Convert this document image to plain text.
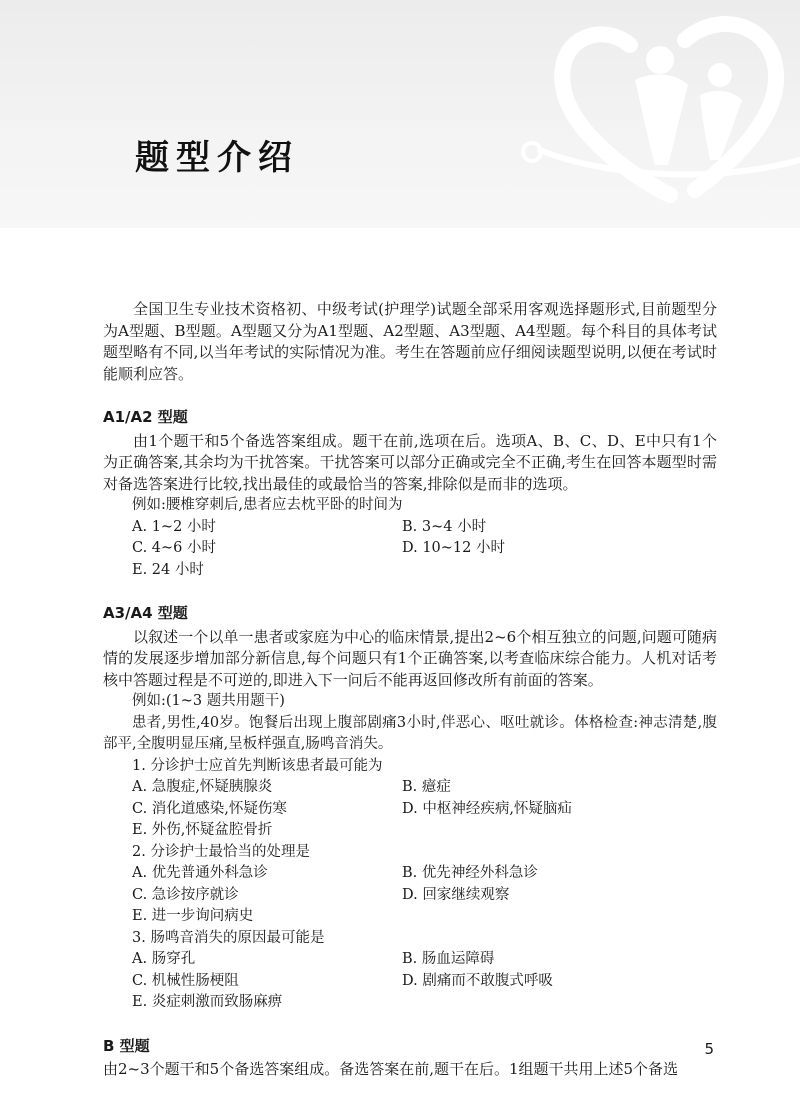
题型介绍

全国卫生专业技术资格初、中级考试(护理学)试题全部采用客观选择题形式,目前题型分为A型题、B型题。A型题又分为A1型题、A2型题、A3型题、A4型题。每个科目的具体考试题型略有不同,以当年考试的实际情况为准。考生在答题前应仔细阅读题型说明,以便在考试时能顺利应答。

A1/A2 型题

由1个题干和5个备选答案组成。题干在前,选项在后。选项A、B、C、D、E中只有1个为正确答案,其余均为干扰答案。干扰答案可以部分正确或完全不正确,考生在回答本题型时需对备选答案进行比较,找出最佳的或最恰当的答案,排除似是而非的选项。

例如:腰椎穿刺后,患者应去枕平卧的时间为

A. 1~2 小时	B. 3~4 小时
C. 4~6 小时	D. 10~12 小时
E. 24 小时
A3/A4 型题

以叙述一个以单一患者或家庭为中心的临床情景,提出2~6个相互独立的问题,问题可随病情的发展逐步增加部分新信息,每个问题只有1个正确答案,以考查临床综合能力。人机对话考核中答题过程是不可逆的,即进入下一问后不能再返回修改所有前面的答案。

例如:(1~3 题共用题干)

患者,男性,40岁。饱餐后出现上腹部剧痛3小时,伴恶心、呕吐就诊。体格检查:神志清楚,腹部平,全腹明显压痛,呈板样强直,肠鸣音消失。

1. 分诊护士应首先判断该患者最可能为

A. 急腹症,怀疑胰腺炎	B. 癔症
C. 消化道感染,怀疑伤寒	D. 中枢神经疾病,怀疑脑疝
E. 外伤,怀疑盆腔骨折

2. 分诊护士最恰当的处理是

A. 优先普通外科急诊	B. 优先神经外科急诊
C. 急诊按序就诊	D. 回家继续观察
E. 进一步询问病史

3. 肠鸣音消失的原因最可能是

A. 肠穿孔	B. 肠血运障碍
C. 机械性肠梗阻	D. 剧痛而不敢腹式呼吸
E. 炎症刺激而致肠麻痹
B 型题

由2~3个题干和5个备选答案组成。备选答案在前,题干在后。1组题干共用上述5个备选

5
